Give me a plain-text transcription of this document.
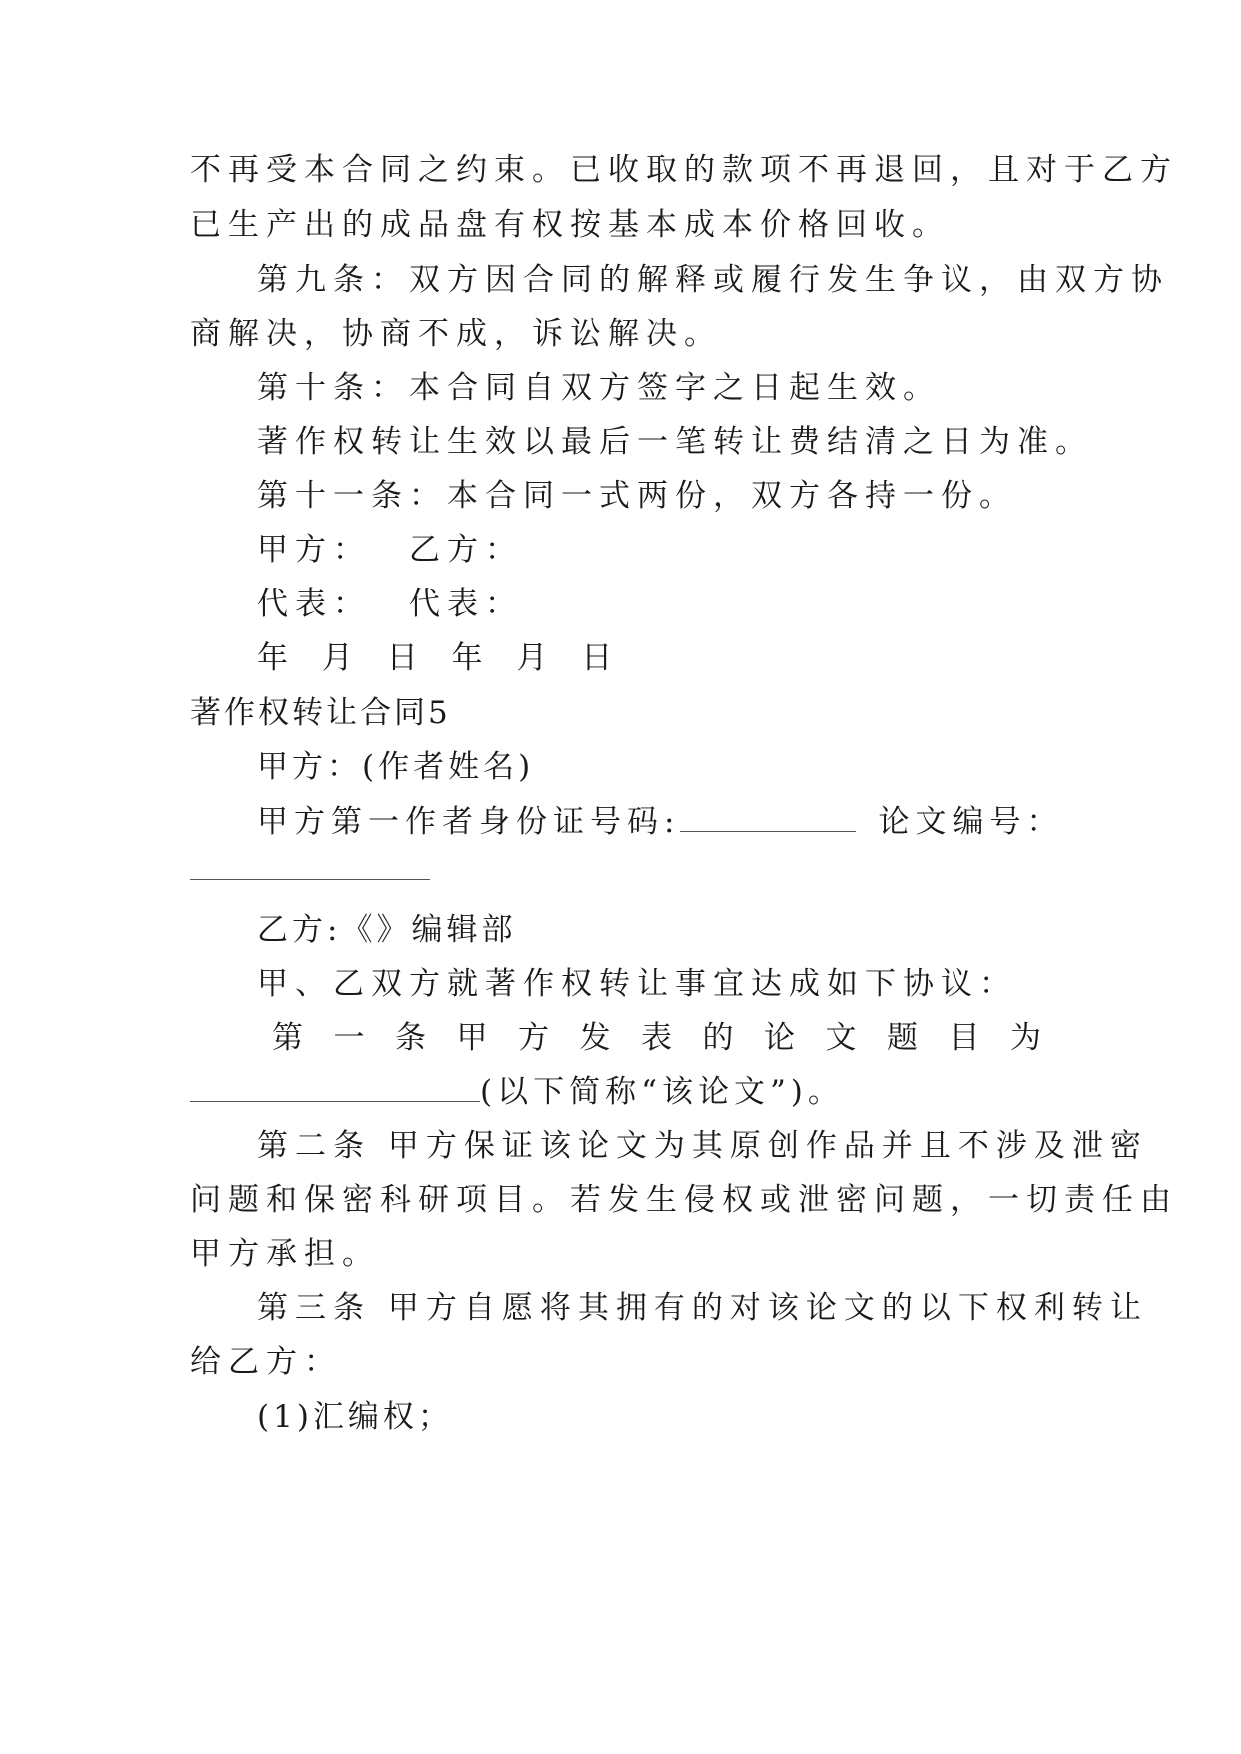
不再受本合同之约束。已收取的款项不再退回，且对于乙方
已生产出的成品盘有权按基本成本价格回收。
第九条：双方因合同的解释或履行发生争议，由双方协
商解决，协商不成，诉讼解决。
第十条：本合同自双方签字之日起生效。
著作权转让生效以最后一笔转让费结清之日为准。
第十一条：本合同一式两份，双方各持一份。
甲方： 乙方：
代表： 代表：
年 月 日 年 月 日
著作权转让合同5
甲方：(作者姓名)
甲方第一作者身份证号码:	论文编号：
乙方:《》编辑部
甲、乙双方就著作权转让事宜达成如下协议：
第 一 条 甲 方 发 表 的 论 文 题 目 为
(以下简称“该论文”)。
第二条 甲方保证该论文为其原创作品并且不涉及泄密
问题和保密科研项目。若发生侵权或泄密问题，一切责任由
甲方承担。
第三条 甲方自愿将其拥有的对该论文的以下权利转让
给乙方：
(1)汇编权；
